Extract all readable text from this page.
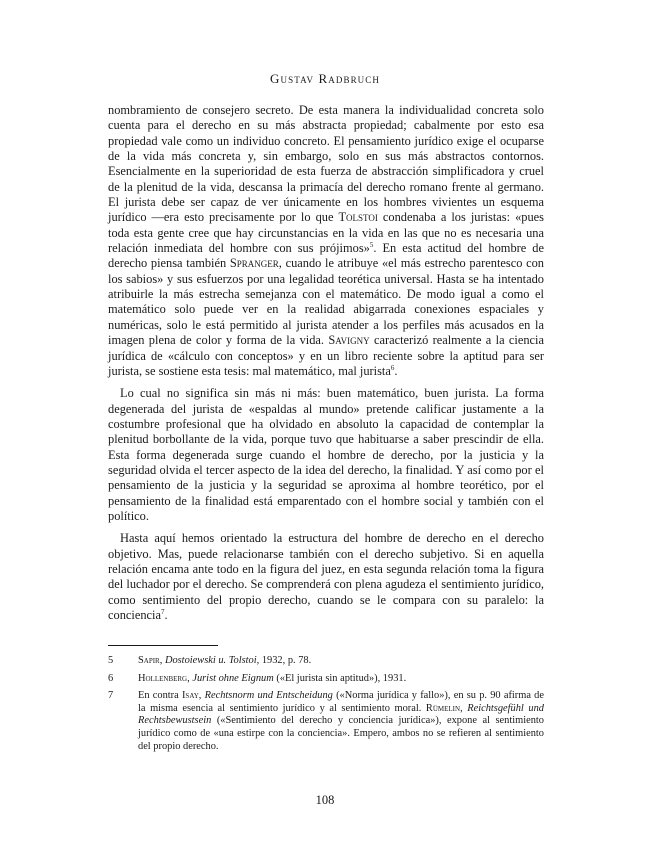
Gustav Radbruch

nombramiento de consejero secreto. De esta manera la individualidad concreta solo cuenta para el derecho en su más abstracta propiedad; cabalmente por esto esa propiedad vale como un individuo concreto. El pensamiento jurídico exige el ocuparse de la vida más concreta y, sin embargo, solo en sus más abstractos contornos. Esencialmente en la superioridad de esta fuerza de abstracción simplificadora y cruel de la plenitud de la vida, descansa la primacía del derecho romano frente al germano. El jurista debe ser capaz de ver únicamente en los hombres vivientes un esquema jurídico —era esto precisamente por lo que Tolstoi condenaba a los juristas: «pues toda esta gente cree que hay circunstancias en la vida en las que no es necesaria una relación inmediata del hombre con sus prójimos»$^5$. En esta actitud del hombre de derecho piensa también Spranger, cuando le atribuye «el más estrecho parentesco con los sabios» y sus esfuerzos por una legalidad teorética universal. Hasta se ha intentado atribuirle la más estrecha semejanza con el matemático. De modo igual a como el matemático solo puede ver en la realidad abigarrada conexiones espaciales y numéricas, solo le está permitido al jurista atender a los perfiles más acusados en la imagen plena de color y forma de la vida. Savigny caracterizó realmente a la ciencia jurídica de «cálculo con conceptos» y en un libro reciente sobre la aptitud para ser jurista, se sostiene esta tesis: mal matemático, mal jurista$^6$.

Lo cual no significa sin más ni más: buen matemático, buen jurista. La forma degenerada del jurista de «espaldas al mundo» pretende calificar justamente a la costumbre profesional que ha olvidado en absoluto la capacidad de contemplar la plenitud borbollante de la vida, porque tuvo que habituarse a saber prescindir de ella. Esta forma degenerada surge cuando el hombre de derecho, por la justicia y la seguridad olvida el tercer aspecto de la idea del derecho, la finalidad. Y así como por el pensamiento de la justicia y la seguridad se aproxima al hombre teorético, por el pensamiento de la finalidad está emparentado con el hombre social y también con el político.

Hasta aquí hemos orientado la estructura del hombre de derecho en el derecho objetivo. Mas, puede relacionarse también con el derecho subjetivo. Si en aquella relación encama ante todo en la figura del juez, en esta segunda relación toma la figura del luchador por el derecho. Se comprenderá con plena agudeza el sentimiento jurídico, como sentimiento del propio derecho, cuando se le compara con su paralelo: la conciencia$^7$.

5	Sapir, Dostoiewski u. Tolstoi, 1932, p. 78.
6	Hollenberg, Jurist ohne Eignum («El jurista sin aptitud»), 1931.
7	En contra Isay, Rechtsnorm und Entscheidung («Norma jurídica y fallo»), en su p. 90 afirma de la misma esencia al sentimiento jurídico y al sentimiento moral. Rümelin, Reichtsgefühl und Rechtsbewustsein («Sentimiento del derecho y conciencia jurídica»), expone al sentimiento jurídico como de «una estirpe con la conciencia». Empero, ambos no se refieren al sentimiento del propio derecho.
108
